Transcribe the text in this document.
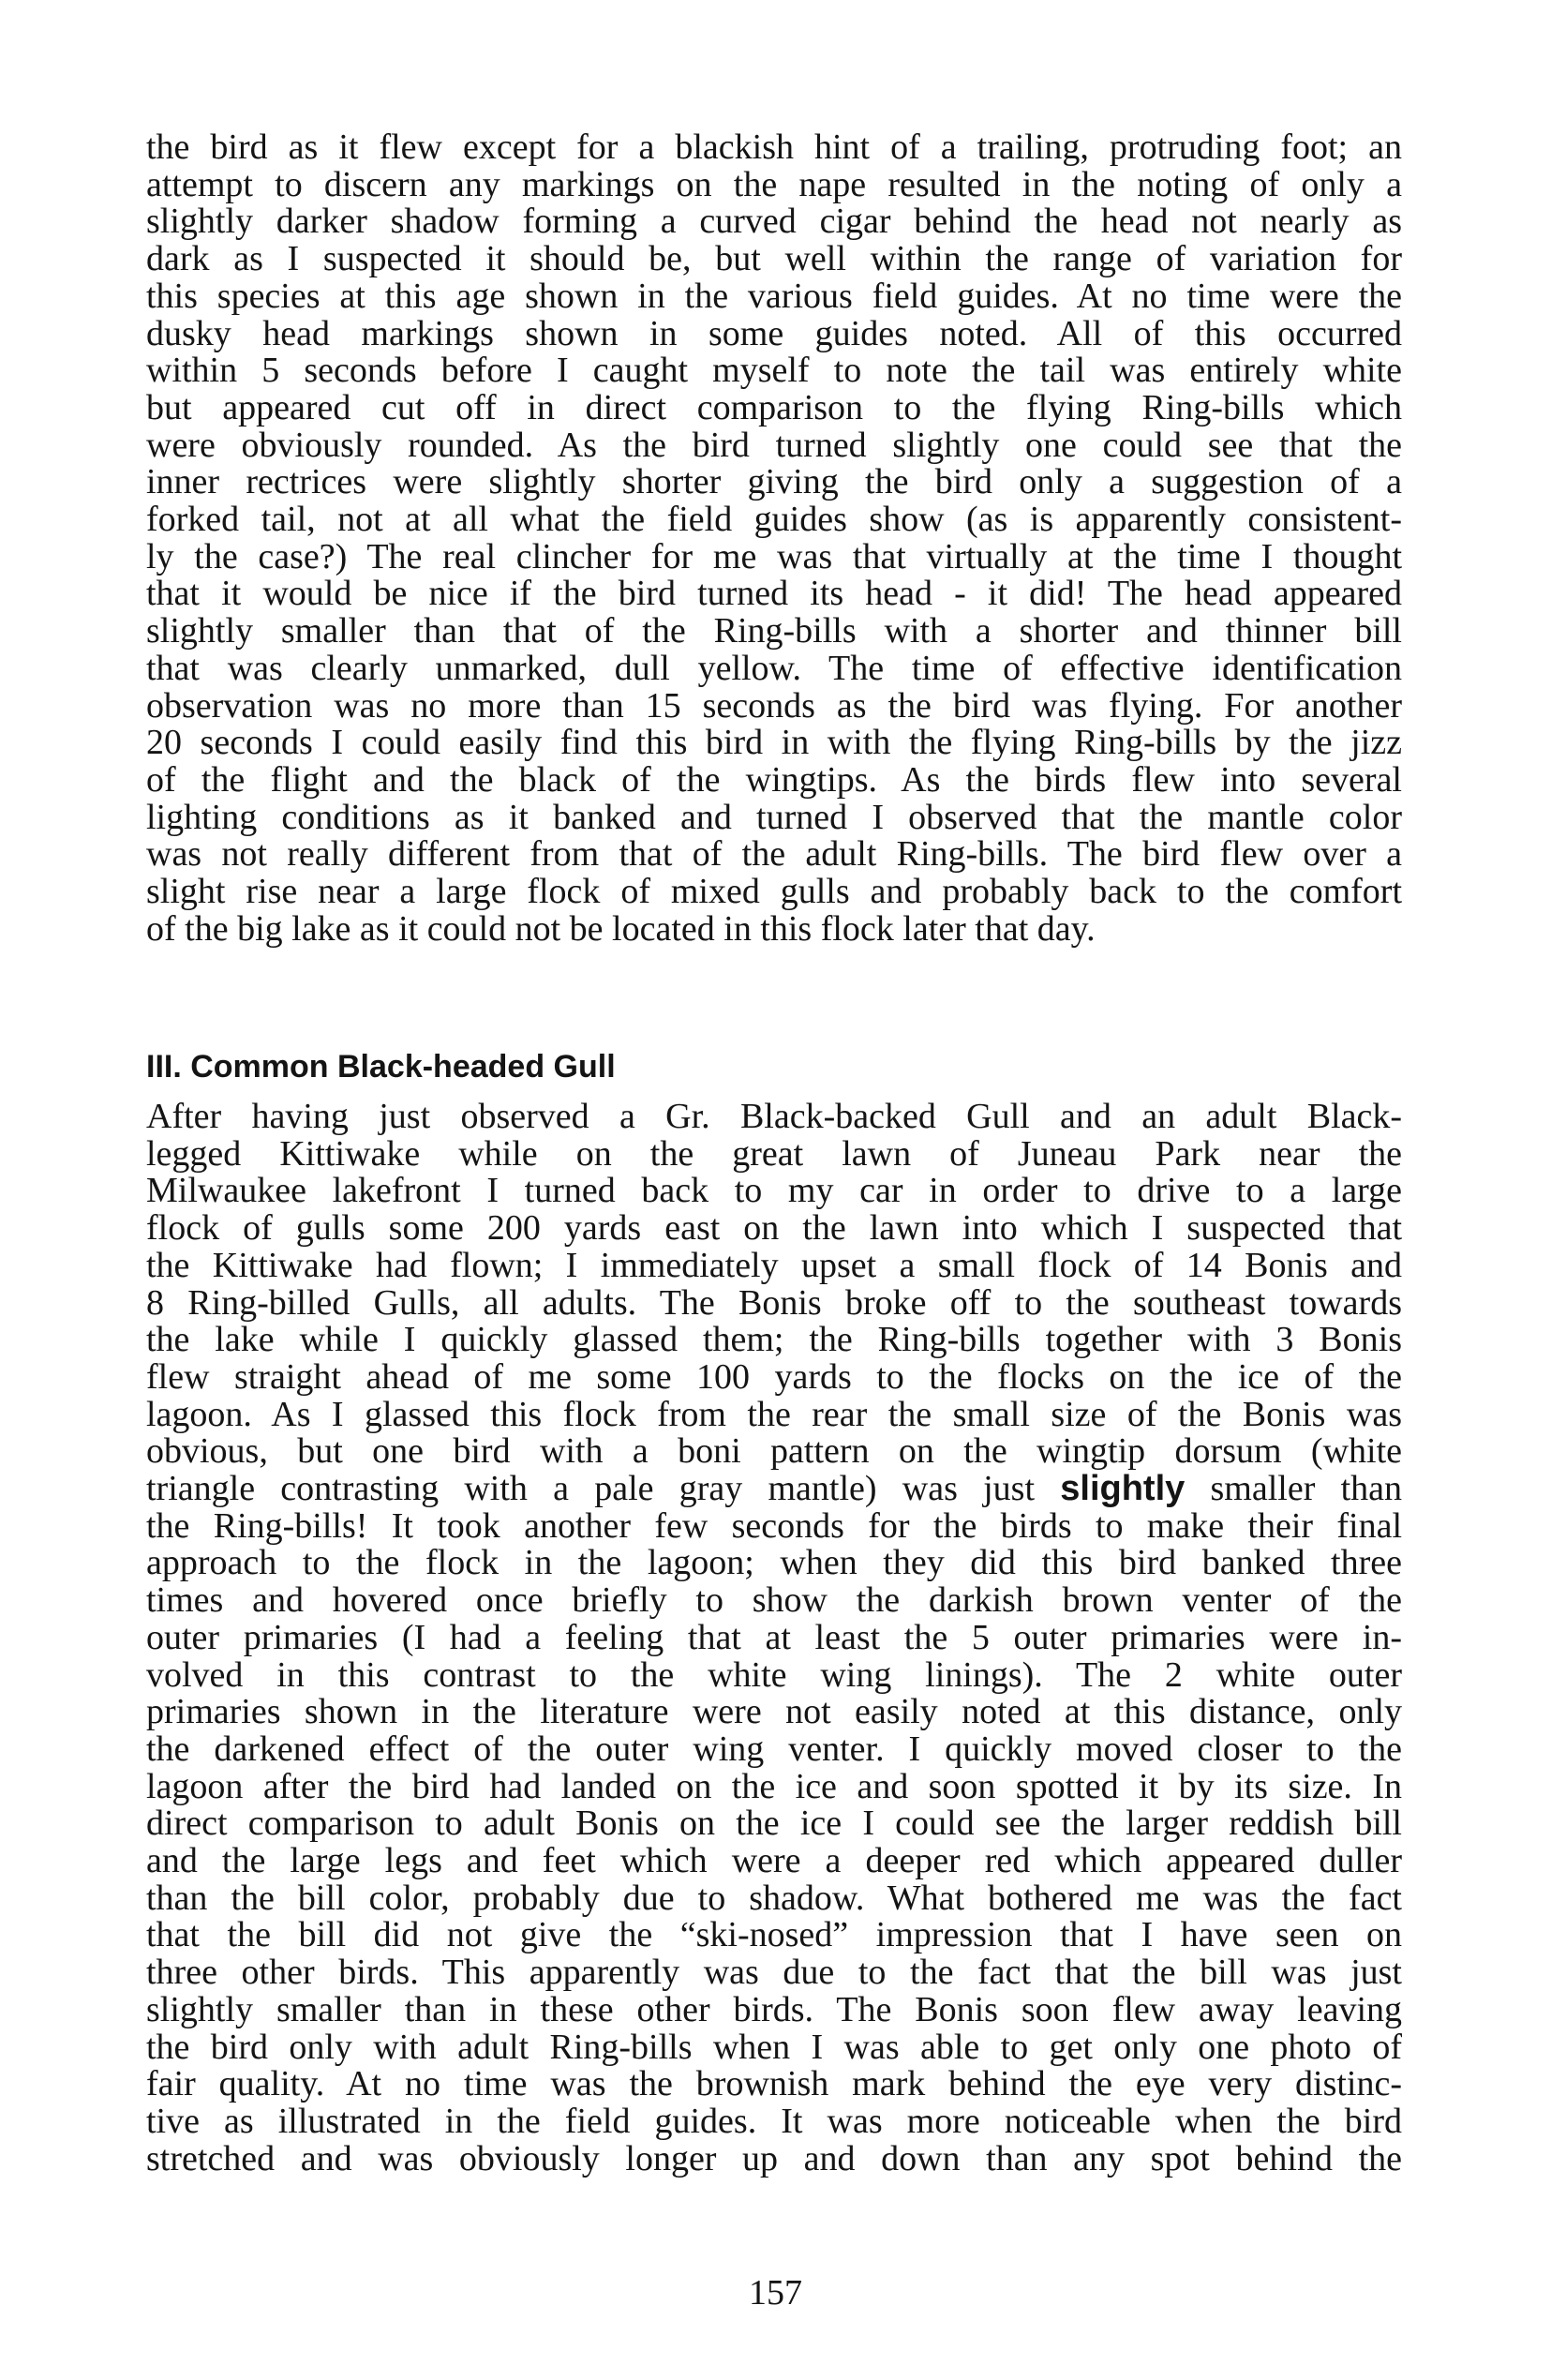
the bird as it flew except for a blackish hint of a trailing, protruding foot; an
attempt to discern any markings on the nape resulted in the noting of only a
slightly darker shadow forming a curved cigar behind the head not nearly as
dark as I suspected it should be, but well within the range of variation for
this species at this age shown in the various field guides. At no time were the
dusky head markings shown in some guides noted. All of this occurred
within 5 seconds before I caught myself to note the tail was entirely white
but appeared cut off in direct comparison to the flying Ring-bills which
were obviously rounded. As the bird turned slightly one could see that the
inner rectrices were slightly shorter giving the bird only a suggestion of a
forked tail, not at all what the field guides show (as is apparently consistent-
ly the case?) The real clincher for me was that virtually at the time I thought
that it would be nice if the bird turned its head - it did! The head appeared
slightly smaller than that of the Ring-bills with a shorter and thinner bill
that was clearly unmarked, dull yellow. The time of effective identification
observation was no more than 15 seconds as the bird was flying. For another
20 seconds I could easily find this bird in with the flying Ring-bills by the jizz
of the flight and the black of the wingtips. As the birds flew into several
lighting conditions as it banked and turned I observed that the mantle color
was not really different from that of the adult Ring-bills. The bird flew over a
slight rise near a large flock of mixed gulls and probably back to the comfort
of the big lake as it could not be located in this flock later that day.
III. Common Black-headed Gull
After having just observed a Gr. Black-backed Gull and an adult Black-
legged Kittiwake while on the great lawn of Juneau Park near the
Milwaukee lakefront I turned back to my car in order to drive to a large
flock of gulls some 200 yards east on the lawn into which I suspected that
the Kittiwake had flown; I immediately upset a small flock of 14 Bonis and
8 Ring-billed Gulls, all adults. The Bonis broke off to the southeast towards
the lake while I quickly glassed them; the Ring-bills together with 3 Bonis
flew straight ahead of me some 100 yards to the flocks on the ice of the
lagoon. As I glassed this flock from the rear the small size of the Bonis was
obvious, but one bird with a boni pattern on the wingtip dorsum (white
triangle contrasting with a pale gray mantle) was just slightly smaller than
the Ring-bills! It took another few seconds for the birds to make their final
approach to the flock in the lagoon; when they did this bird banked three
times and hovered once briefly to show the darkish brown venter of the
outer primaries (I had a feeling that at least the 5 outer primaries were in-
volved in this contrast to the white wing linings). The 2 white outer
primaries shown in the literature were not easily noted at this distance, only
the darkened effect of the outer wing venter. I quickly moved closer to the
lagoon after the bird had landed on the ice and soon spotted it by its size. In
direct comparison to adult Bonis on the ice I could see the larger reddish bill
and the large legs and feet which were a deeper red which appeared duller
than the bill color, probably due to shadow. What bothered me was the fact
that the bill did not give the “ski-nosed” impression that I have seen on
three other birds. This apparently was due to the fact that the bill was just
slightly smaller than in these other birds. The Bonis soon flew away leaving
the bird only with adult Ring-bills when I was able to get only one photo of
fair quality. At no time was the brownish mark behind the eye very distinc-
tive as illustrated in the field guides. It was more noticeable when the bird
stretched and was obviously longer up and down than any spot behind the
157
